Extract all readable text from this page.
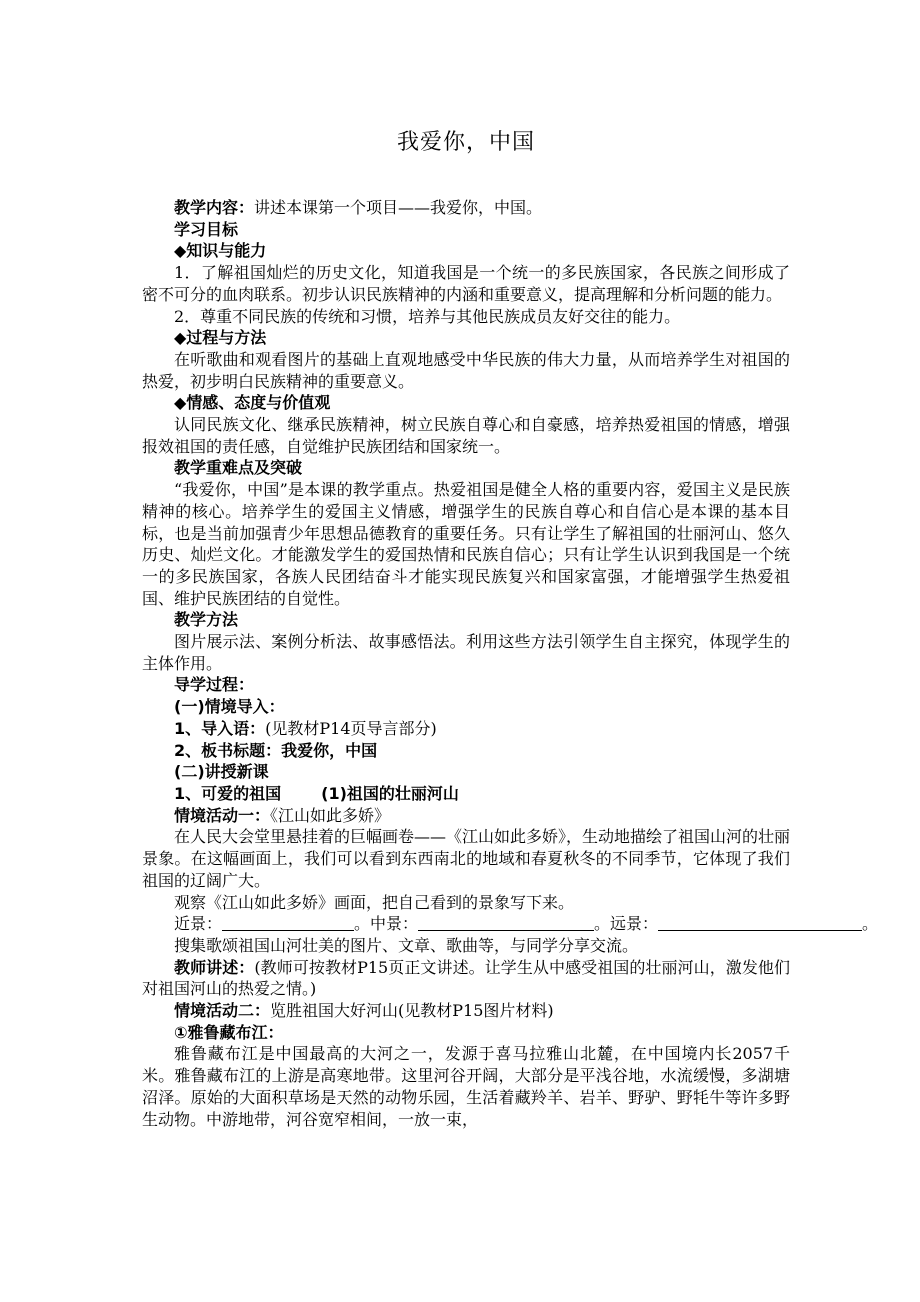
我爱你，中国

教学内容：讲述本课第一个项目——我爱你，中国。

学习目标

◆知识与能力

1．了解祖国灿烂的历史文化，知道我国是一个统一的多民族国家，各民族之间形成了密不可分的血肉联系。初步认识民族精神的内涵和重要意义，提高理解和分析问题的能力。

2．尊重不同民族的传统和习惯，培养与其他民族成员友好交往的能力。

◆过程与方法

在听歌曲和观看图片的基础上直观地感受中华民族的伟大力量，从而培养学生对祖国的热爱，初步明白民族精神的重要意义。

◆情感、态度与价值观

认同民族文化、继承民族精神，树立民族自尊心和自豪感，培养热爱祖国的情感，增强报效祖国的责任感，自觉维护民族团结和国家统一。

教学重难点及突破

“我爱你，中国”是本课的教学重点。热爱祖国是健全人格的重要内容，爱国主义是民族精神的核心。培养学生的爱国主义情感，增强学生的民族自尊心和自信心是本课的基本目标，也是当前加强青少年思想品德教育的重要任务。只有让学生了解祖国的壮丽河山、悠久历史、灿烂文化。才能激发学生的爱国热情和民族自信心；只有让学生认识到我国是一个统一的多民族国家，各族人民团结奋斗才能实现民族复兴和国家富强，才能增强学生热爱祖国、维护民族团结的自觉性。

教学方法

图片展示法、案例分析法、故事感悟法。利用这些方法引领学生自主探究，体现学生的主体作用。

导学过程：

(一)情境导入：

1、导入语：(见教材P14页导言部分)

2、板书标题：我爱你，中国

(二)讲授新课

1、可爱的祖国	(1)祖国的壮丽河山

情境活动一：《江山如此多娇》

在人民大会堂里悬挂着的巨幅画卷——《江山如此多娇》，生动地描绘了祖国山河的壮丽景象。在这幅画面上，我们可以看到东西南北的地域和春夏秋冬的不同季节，它体现了我们祖国的辽阔广大。

观察《江山如此多娇》画面，把自己看到的景象写下来。

近景：	。中景：	。远景：	。

搜集歌颂祖国山河壮美的图片、文章、歌曲等，与同学分享交流。

教师讲述：(教师可按教材P15页正文讲述。让学生从中感受祖国的壮丽河山，激发他们对祖国河山的热爱之情。)

情境活动二：览胜祖国大好河山(见教材P15图片材料)

①雅鲁藏布江：

雅鲁藏布江是中国最高的大河之一，发源于喜马拉雅山北麓，在中国境内长2057千米。雅鲁藏布江的上游是高寒地带。这里河谷开阔，大部分是平浅谷地，水流缓慢，多湖塘沼泽。原始的大面积草场是天然的动物乐园，生活着藏羚羊、岩羊、野驴、野牦牛等许多野生动物。中游地带，河谷宽窄相间，一放一束，
